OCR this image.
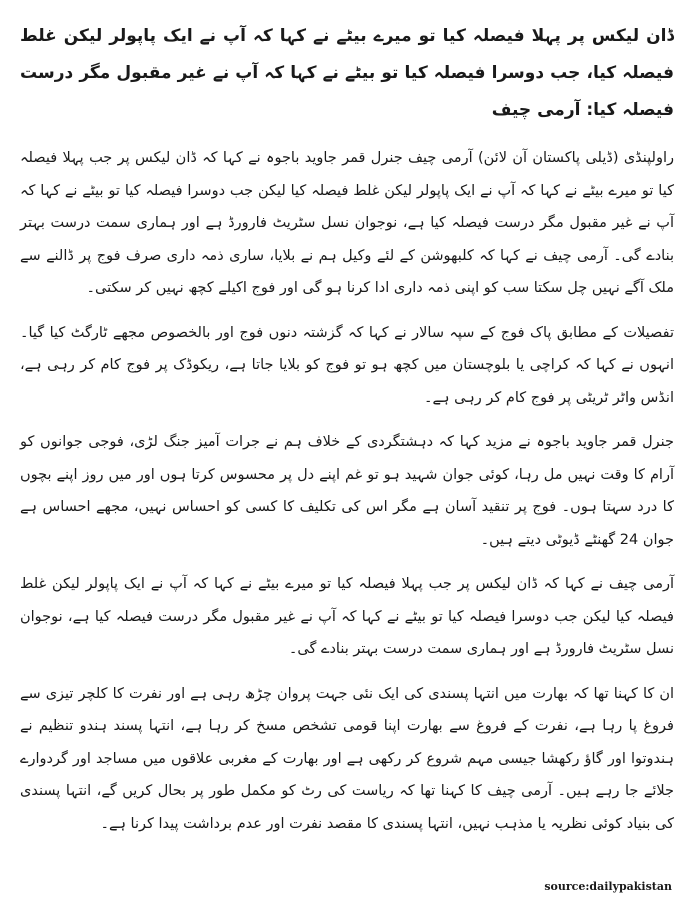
ڈان لیکس پر پہلا فیصلہ کیا تو میرے بیٹے نے کہا کہ آپ نے ایک پاپولر لیکن غلط فیصلہ کیا، جب دوسرا فیصلہ کیا تو بیٹے نے کہا کہ آپ نے غیر مقبول مگر درست فیصلہ کیا: آرمی چیف

راولپنڈی (ڈیلی پاکستان آن لائن) آرمی چیف جنرل قمر جاوید باجوہ نے کہا کہ ڈان لیکس پر جب پہلا فیصلہ کیا تو میرے بیٹے نے کہا کہ آپ نے ایک پاپولر لیکن غلط فیصلہ کیا لیکن جب دوسرا فیصلہ کیا تو بیٹے نے کہا کہ آپ نے غیر مقبول مگر درست فیصلہ کیا ہے، نوجوان نسل سٹریٹ فارورڈ ہے اور ہماری سمت درست بہتر بنادے گی۔ آرمی چیف نے کہا کہ کلبھوشن کے لئے وکیل ہم نے بلایا، ساری ذمہ داری صرف فوج پر ڈالنے سے ملک آگے نہیں چل سکتا سب کو اپنی ذمہ داری ادا کرنا ہو گی اور فوج اکیلے کچھ نہیں کر سکتی۔

تفصیلات کے مطابق پاک فوج کے سپہ سالار نے کہا کہ گزشتہ دنوں فوج اور بالخصوص مجھے ٹارگٹ کیا گیا۔ انہوں نے کہا کہ کراچی یا بلوچستان میں کچھ ہو تو فوج کو بلایا جاتا ہے، ریکوڈک پر فوج کام کر رہی ہے، انڈس واٹر ٹریٹی پر فوج کام کر رہی ہے۔

جنرل قمر جاوید باجوہ نے مزید کہا کہ دہشتگردی کے خلاف ہم نے جرات آمیز جنگ لڑی، فوجی جوانوں کو آرام کا وقت نہیں مل رہا، کوئی جوان شہید ہو تو غم اپنے دل پر محسوس کرتا ہوں اور میں روز اپنے بچوں کا درد سہتا ہوں۔ فوج پر تنقید آسان ہے مگر اس کی تکلیف کا کسی کو احساس نہیں، مجھے احساس ہے جوان 24 گھنٹے ڈیوٹی دیتے ہیں۔

آرمی چیف نے کہا کہ ڈان لیکس پر جب پہلا فیصلہ کیا تو میرے بیٹے نے کہا کہ آپ نے ایک پاپولر لیکن غلط فیصلہ کیا لیکن جب دوسرا فیصلہ کیا تو بیٹے نے کہا کہ آپ نے غیر مقبول مگر درست فیصلہ کیا ہے، نوجوان نسل سٹریٹ فارورڈ ہے اور ہماری سمت درست بہتر بنادے گی۔

ان کا کہنا تھا کہ بھارت میں انتہا پسندی کی ایک نئی جہت پروان چڑھ رہی ہے اور نفرت کا کلچر تیزی سے فروغ پا رہا ہے، نفرت کے فروغ سے بھارت اپنا قومی تشخص مسخ کر رہا ہے، انتہا پسند ہندو تنظیم نے ہندوتوا اور گاؤ رکھشا جیسی مہم شروع کر رکھی ہے اور بھارت کے مغربی علاقوں میں مساجد اور گردوارے جلائے جا رہے ہیں۔ آرمی چیف کا کہنا تھا کہ ریاست کی رٹ کو مکمل طور پر بحال کریں گے، انتہا پسندی کی بنیاد کوئی نظریہ یا مذہب نہیں، انتہا پسندی کا مقصد نفرت اور عدم برداشت پیدا کرنا ہے۔

source:dailypakistan
